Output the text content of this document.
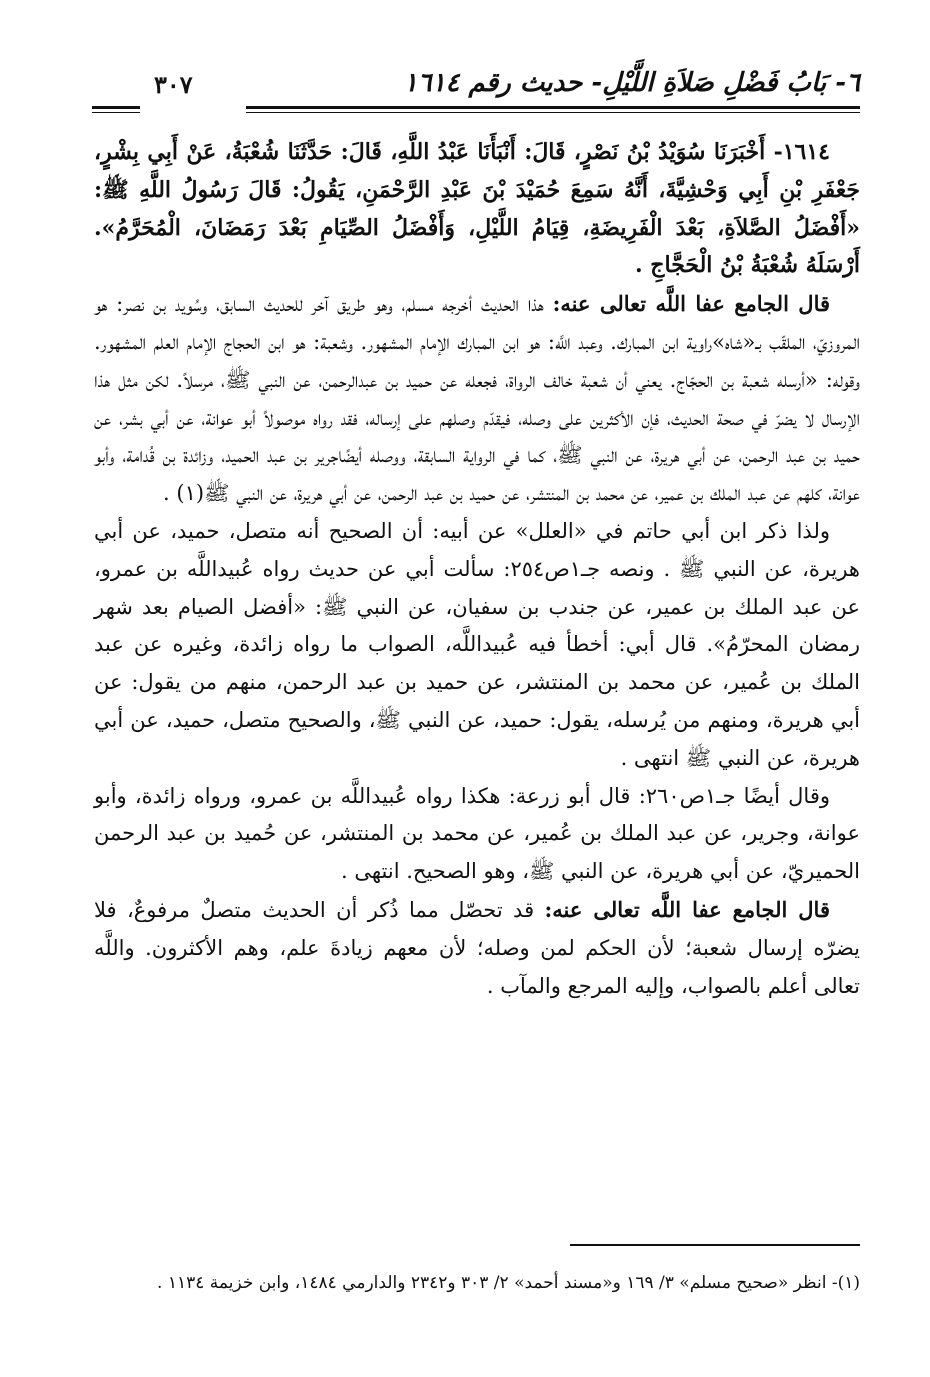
٦- بَابُ فَضْلِ صَلاَةِ اللَّيْلِ- حديث رقم ١٦١٤
٣٠٧

١٦١٤- أَخْبَرَنَا سُوَيْدُ بْنُ نَصْرٍ، قَالَ: أَنْبَأَنَا عَبْدُ اللَّهِ، قَالَ: حَدَّثَنَا شُعْبَةُ، عَنْ أَبِي بِشْرٍ، جَعْفَرِ بْنِ أَبِي وَحْشِيَّةَ، أَنَّهُ سَمِعَ حُمَيْدَ بْنَ عَبْدِ الرَّحْمَنِ، يَقُولُ: قَالَ رَسُولُ اللَّهِ ﷺ: «أَفْضَلُ الصَّلاَةِ، بَعْدَ الْفَرِيضَةِ، قِيَامُ اللَّيْلِ، وَأَفْضَلُ الصِّيَامِ بَعْدَ رَمَضَانَ، الْمُحَرَّمُ». أَرْسَلَهُ شُعْبَةُ بْنُ الْحَجَّاجِ .

قال الجامع عفا اللَّه تعالى عنه: هذا الحديث أخرجه مسلم، وهو طريق آخر للحديث السابق، وسُويد بن نصر: هو المروزيّ، الملقّب بـ«شاه»راوية ابن المبارك. وعبد اللَّه: هو ابن المبارك الإمام المشهور. وشعبة: هو ابن الحجاج الإمام العلم المشهور. وقوله: «أرسله شعبة بن الحجّاج. يعني أن شعبة خالف الرواة، فجعله عن حميد بن عبدالرحمن، عن النبي ﷺ، مرسلاً. لكن مثل هذا الإرسال لا يضرّ في صحة الحديث، فإن الأكثرين على وصله، فيقدّم وصلهم على إرساله، فقد رواه موصولاً أبو عوانة، عن أبي بشر، عن حميد بن عبد الرحمن، عن أبي هريرة، عن النبي ﷺ، كما في الرواية السابقة، ووصله أيضًاجرير بن عبد الحميد، وزائدة بن قُدامة، وأبو عوانة، كلهم عن عبد الملك بن عمير، عن محمد بن المنتشر، عن حميد بن عبد الرحمن، عن أبي هريرة، عن النبي ﷺ(١) .

ولذا ذكر ابن أبي حاتم في «العلل» عن أبيه: أن الصحيح أنه متصل، حميد، عن أبي هريرة، عن النبي ﷺ . ونصه جـ١ص٢٥٤: سألت أبي عن حديث رواه عُبيداللَّه بن عمرو، عن عبد الملك بن عمير، عن جندب بن سفيان، عن النبي ﷺ: «أفضل الصيام بعد شهر رمضان المحرّمُ». قال أبي: أخطأ فيه عُبيداللَّه، الصواب ما رواه زائدة، وغيره عن عبد الملك بن عُمير، عن محمد بن المنتشر، عن حميد بن عبد الرحمن، منهم من يقول: عن أبي هريرة، ومنهم من يُرسله، يقول: حميد، عن النبي ﷺ، والصحيح متصل، حميد، عن أبي هريرة، عن النبي ﷺ انتهى .

وقال أيضًا جـ١ص٢٦٠: قال أبو زرعة: هكذا رواه عُبيداللَّه بن عمرو، ورواه زائدة، وأبو عوانة، وجرير، عن عبد الملك بن عُمير، عن محمد بن المنتشر، عن حُميد بن عبد الرحمن الحميريّ، عن أبي هريرة، عن النبي ﷺ، وهو الصحيح. انتهى .

قال الجامع عفا اللَّه تعالى عنه: قد تحصّل مما ذُكر أن الحديث متصلٌ مرفوعٌ، فلا يضرّه إرسال شعبة؛ لأن الحكم لمن وصله؛ لأن معهم زيادةَ علم، وهم الأكثرون. واللَّه تعالى أعلم بالصواب، وإليه المرجع والمآب .

(١)- انظر «صحيح مسلم» ٣/ ١٦٩ و«مسند أحمد» ٢/ ٣٠٣ و٢٣٤٢ والدارمي ١٤٨٤، وابن خزيمة ١١٣٤ .
